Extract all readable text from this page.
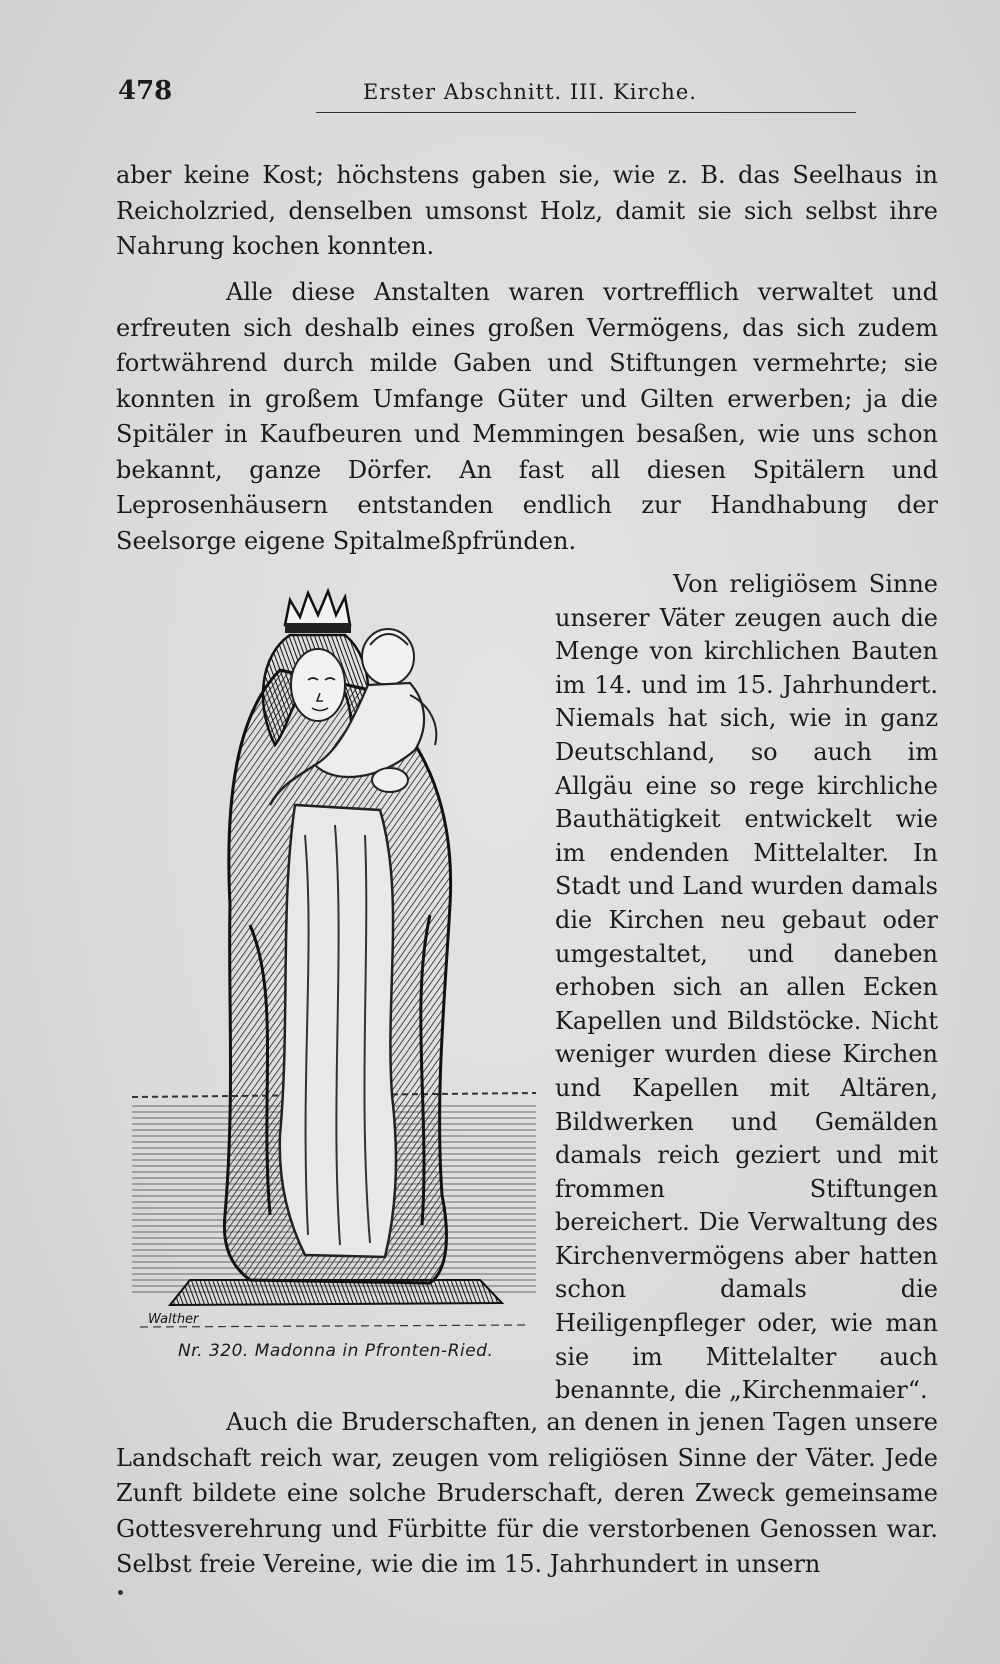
478	Erster Abschnitt. III. Kirche.

aber keine Kost; höchstens gaben sie, wie z. B. das Seelhaus in Reicholzried, denselben umsonst Holz, damit sie sich selbst ihre Nahrung kochen konnten.

Alle diese Anstalten waren vortrefflich verwaltet und erfreuten sich deshalb eines großen Vermögens, das sich zudem fortwährend durch milde Gaben und Stiftungen vermehrte; sie konnten in großem Umfange Güter und Gilten erwerben; ja die Spitäler in Kaufbeuren und Memmingen besaßen, wie uns schon bekannt, ganze Dörfer. An fast all diesen Spitälern und Leprosenhäusern entstanden endlich zur Handhabung der Seelsorge eigene Spitalmeßpfründen.

Walther
Nr. 320. Madonna in Pfronten-Ried.

Von religiösem Sinne unserer Väter zeugen auch die Menge von kirchlichen Bauten im 14. und im 15. Jahrhundert. Niemals hat sich, wie in ganz Deutschland, so auch im Allgäu eine so rege kirchliche Bauthätigkeit entwickelt wie im endenden Mittelalter. In Stadt und Land wurden damals die Kirchen neu gebaut oder umgestaltet, und daneben erhoben sich an allen Ecken Kapellen und Bildstöcke. Nicht weniger wurden diese Kirchen und Kapellen mit Altären, Bildwerken und Gemälden damals reich geziert und mit frommen Stiftungen bereichert. Die Verwaltung des Kirchenvermögens aber hatten schon damals die Heiligenpfleger oder, wie man sie im Mittelalter auch benannte, die „Kirchenmaier“.

Auch die Bruderschaften, an denen in jenen Tagen unsere Landschaft reich war, zeugen vom religiösen Sinne der Väter. Jede Zunft bildete eine solche Bruderschaft, deren Zweck gemeinsame Gottesverehrung und Fürbitte für die verstorbenen Genossen war. Selbst freie Vereine, wie die im 15. Jahrhundert in unsern
